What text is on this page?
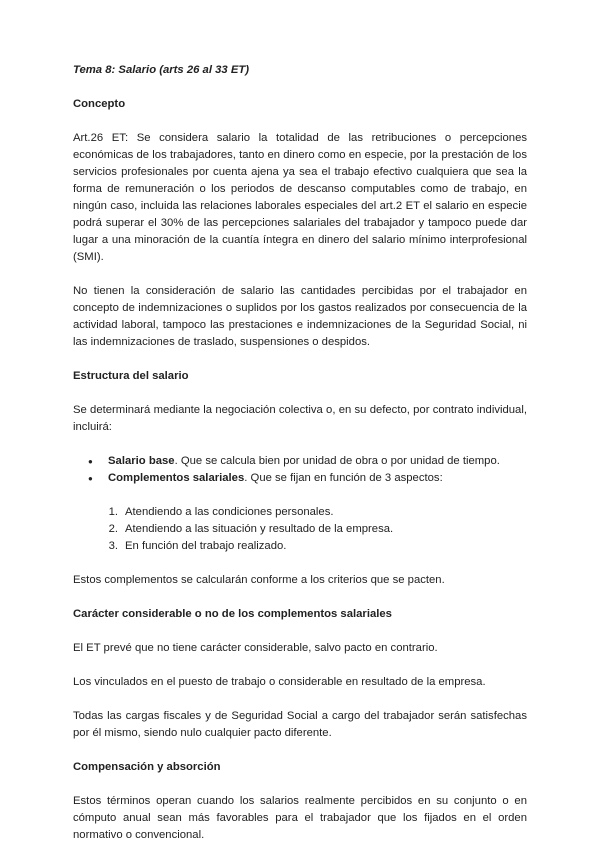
Tema 8: Salario (arts 26 al 33 ET)
Concepto

Art.26 ET: Se considera salario la totalidad de las retribuciones o percepciones económicas de los trabajadores, tanto en dinero como en especie, por la prestación de los servicios profesionales por cuenta ajena ya sea el trabajo efectivo cualquiera que sea la forma de remuneración o los periodos de descanso computables como de trabajo, en ningún caso, incluida las relaciones laborales especiales del art.2 ET el salario en especie podrá superar el 30% de las percepciones salariales del trabajador y tampoco puede dar lugar a una minoración de la cuantía íntegra en dinero del salario mínimo interprofesional (SMI).

No tienen la consideración de salario las cantidades percibidas por el trabajador en concepto de indemnizaciones o suplidos por los gastos realizados por consecuencia de la actividad laboral, tampoco las prestaciones e indemnizaciones de la Seguridad Social, ni las indemnizaciones de traslado, suspensiones o despidos.

Estructura del salario

Se determinará mediante la negociación colectiva o, en su defecto, por contrato individual, incluirá:

● Salario base. Que se calcula bien por unidad de obra o por unidad de tiempo.
● Complementos salariales. Que se fijan en función de 3 aspectos:
1. Atendiendo a las condiciones personales.
2. Atendiendo a las situación y resultado de la empresa.
3. En función del trabajo realizado.

Estos complementos se calcularán conforme a los criterios que se pacten.

Carácter considerable o no de los complementos salariales

El ET prevé que no tiene carácter considerable, salvo pacto en contrario.

Los vinculados en el puesto de trabajo o considerable en resultado de la empresa.

Todas las cargas fiscales y de Seguridad Social a cargo del trabajador serán satisfechas por él mismo, siendo nulo cualquier pacto diferente.

Compensación y absorción

Estos términos operan cuando los salarios realmente percibidos en su conjunto o en cómputo anual sean más favorables para el trabajador que los fijados en el orden normativo o convencional.
